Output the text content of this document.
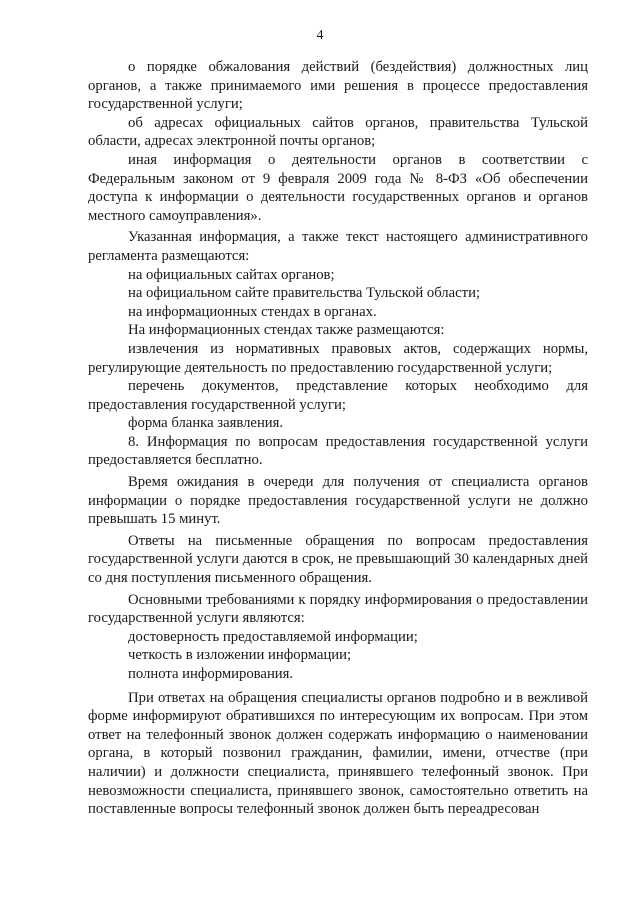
4

о порядке обжалования действий (бездействия) должностных лиц органов, а также принимаемого ими решения в процессе предоставления государственной услуги;

об адресах официальных сайтов органов, правительства Тульской области, адресах электронной почты органов;

иная информация о деятельности органов в соответствии с Федеральным законом от 9 февраля 2009 года № 8-ФЗ «Об обеспечении доступа к информации о деятельности государственных органов и органов местного самоуправления».

Указанная информация, а также текст настоящего административного регламента размещаются:

на официальных сайтах органов;

на официальном сайте правительства Тульской области;

на информационных стендах в органах.

На информационных стендах также размещаются:

извлечения из нормативных правовых актов, содержащих нормы, регулирующие деятельность по предоставлению государственной услуги;

перечень документов, представление которых необходимо для предоставления государственной услуги;

форма бланка заявления.

8. Информация по вопросам предоставления государственной услуги предоставляется бесплатно.

Время ожидания в очереди для получения от специалиста органов информации о порядке предоставления государственной услуги не должно превышать 15 минут.

Ответы на письменные обращения по вопросам предоставления государственной услуги даются в срок, не превышающий 30 календарных дней со дня поступления письменного обращения.

Основными требованиями к порядку информирования о предоставлении государственной услуги являются:

достоверность предоставляемой информации;

четкость в изложении информации;

полнота информирования.

При ответах на обращения специалисты органов подробно и в вежливой форме информируют обратившихся по интересующим их вопросам. При этом ответ на телефонный звонок должен содержать информацию о наименовании органа, в который позвонил гражданин, фамилии, имени, отчестве (при наличии) и должности специалиста, принявшего телефонный звонок. При невозможности специалиста, принявшего звонок, самостоятельно ответить на поставленные вопросы телефонный звонок должен быть переадресован
